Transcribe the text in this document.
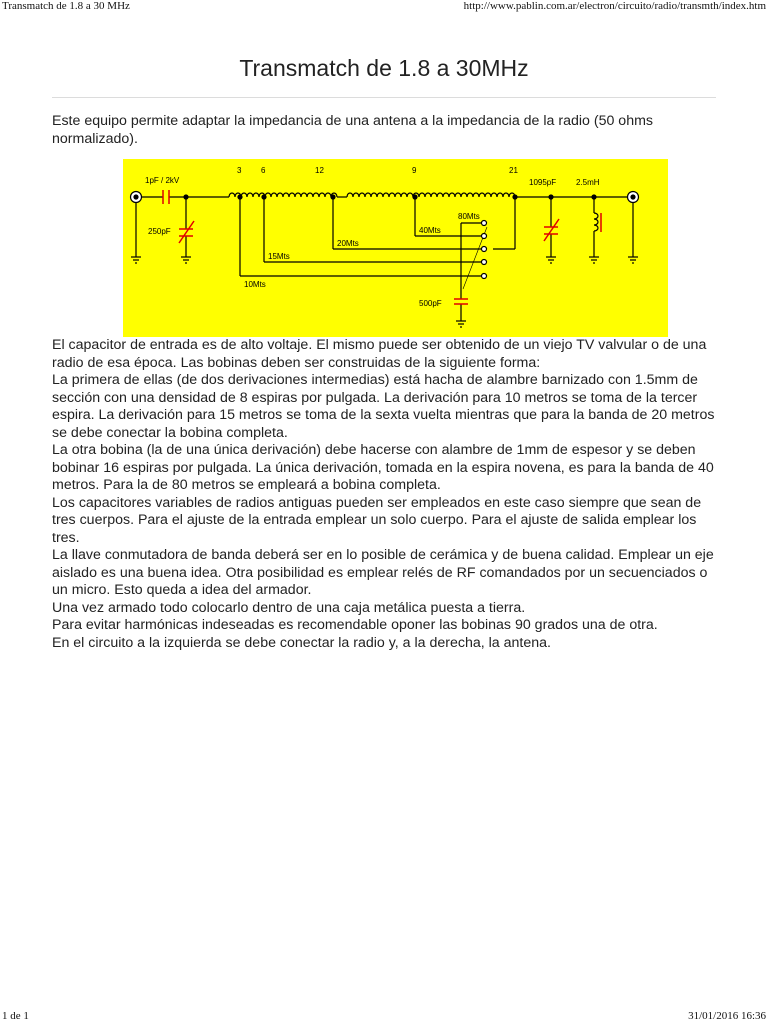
Transmatch de 1.8 a 30 MHz	http://www.pablin.com.ar/electron/circuito/radio/transmth/index.htm
Transmatch de 1.8 a 30MHz

Este equipo permite adaptar la impedancia de una antena a la impedancia de la radio (50 ohms normalizado).

1pF / 2kV
250pF
3 6	12	9	21
1095pF 2.5mH
80Mts
40Mts
20Mts
15Mts
10Mts
500pF

El capacitor de entrada es de alto voltaje. El mismo puede ser obtenido de un viejo TV valvular o de una radio de esa época. Las bobinas deben ser construidas de la siguiente forma:

La primera de ellas (de dos derivaciones intermedias) está hacha de alambre barnizado con 1.5mm de sección con una densidad de 8 espiras por pulgada. La derivación para 10 metros se toma de la tercer espira. La derivación para 15 metros se toma de la sexta vuelta mientras que para la banda de 20 metros se debe conectar la bobina completa.

La otra bobina (la de una única derivación) debe hacerse con alambre de 1mm de espesor y se deben bobinar 16 espiras por pulgada. La única derivación, tomada en la espira novena, es para la banda de 40 metros. Para la de 80 metros se empleará a bobina completa.

Los capacitores variables de radios antiguas pueden ser empleados en este caso siempre que sean de tres cuerpos. Para el ajuste de la entrada emplear un solo cuerpo. Para el ajuste de salida emplear los tres.

La llave conmutadora de banda deberá ser en lo posible de cerámica y de buena calidad. Emplear un eje aislado es una buena idea. Otra posibilidad es emplear relés de RF comandados por un secuenciados o un micro. Esto queda a idea del armador.

Una vez armado todo colocarlo dentro de una caja metálica puesta a tierra.

Para evitar harmónicas indeseadas es recomendable oponer las bobinas 90 grados una de otra.

En el circuito a la izquierda se debe conectar la radio y, a la derecha, la antena.

1 de 1	31/01/2016 16:36
